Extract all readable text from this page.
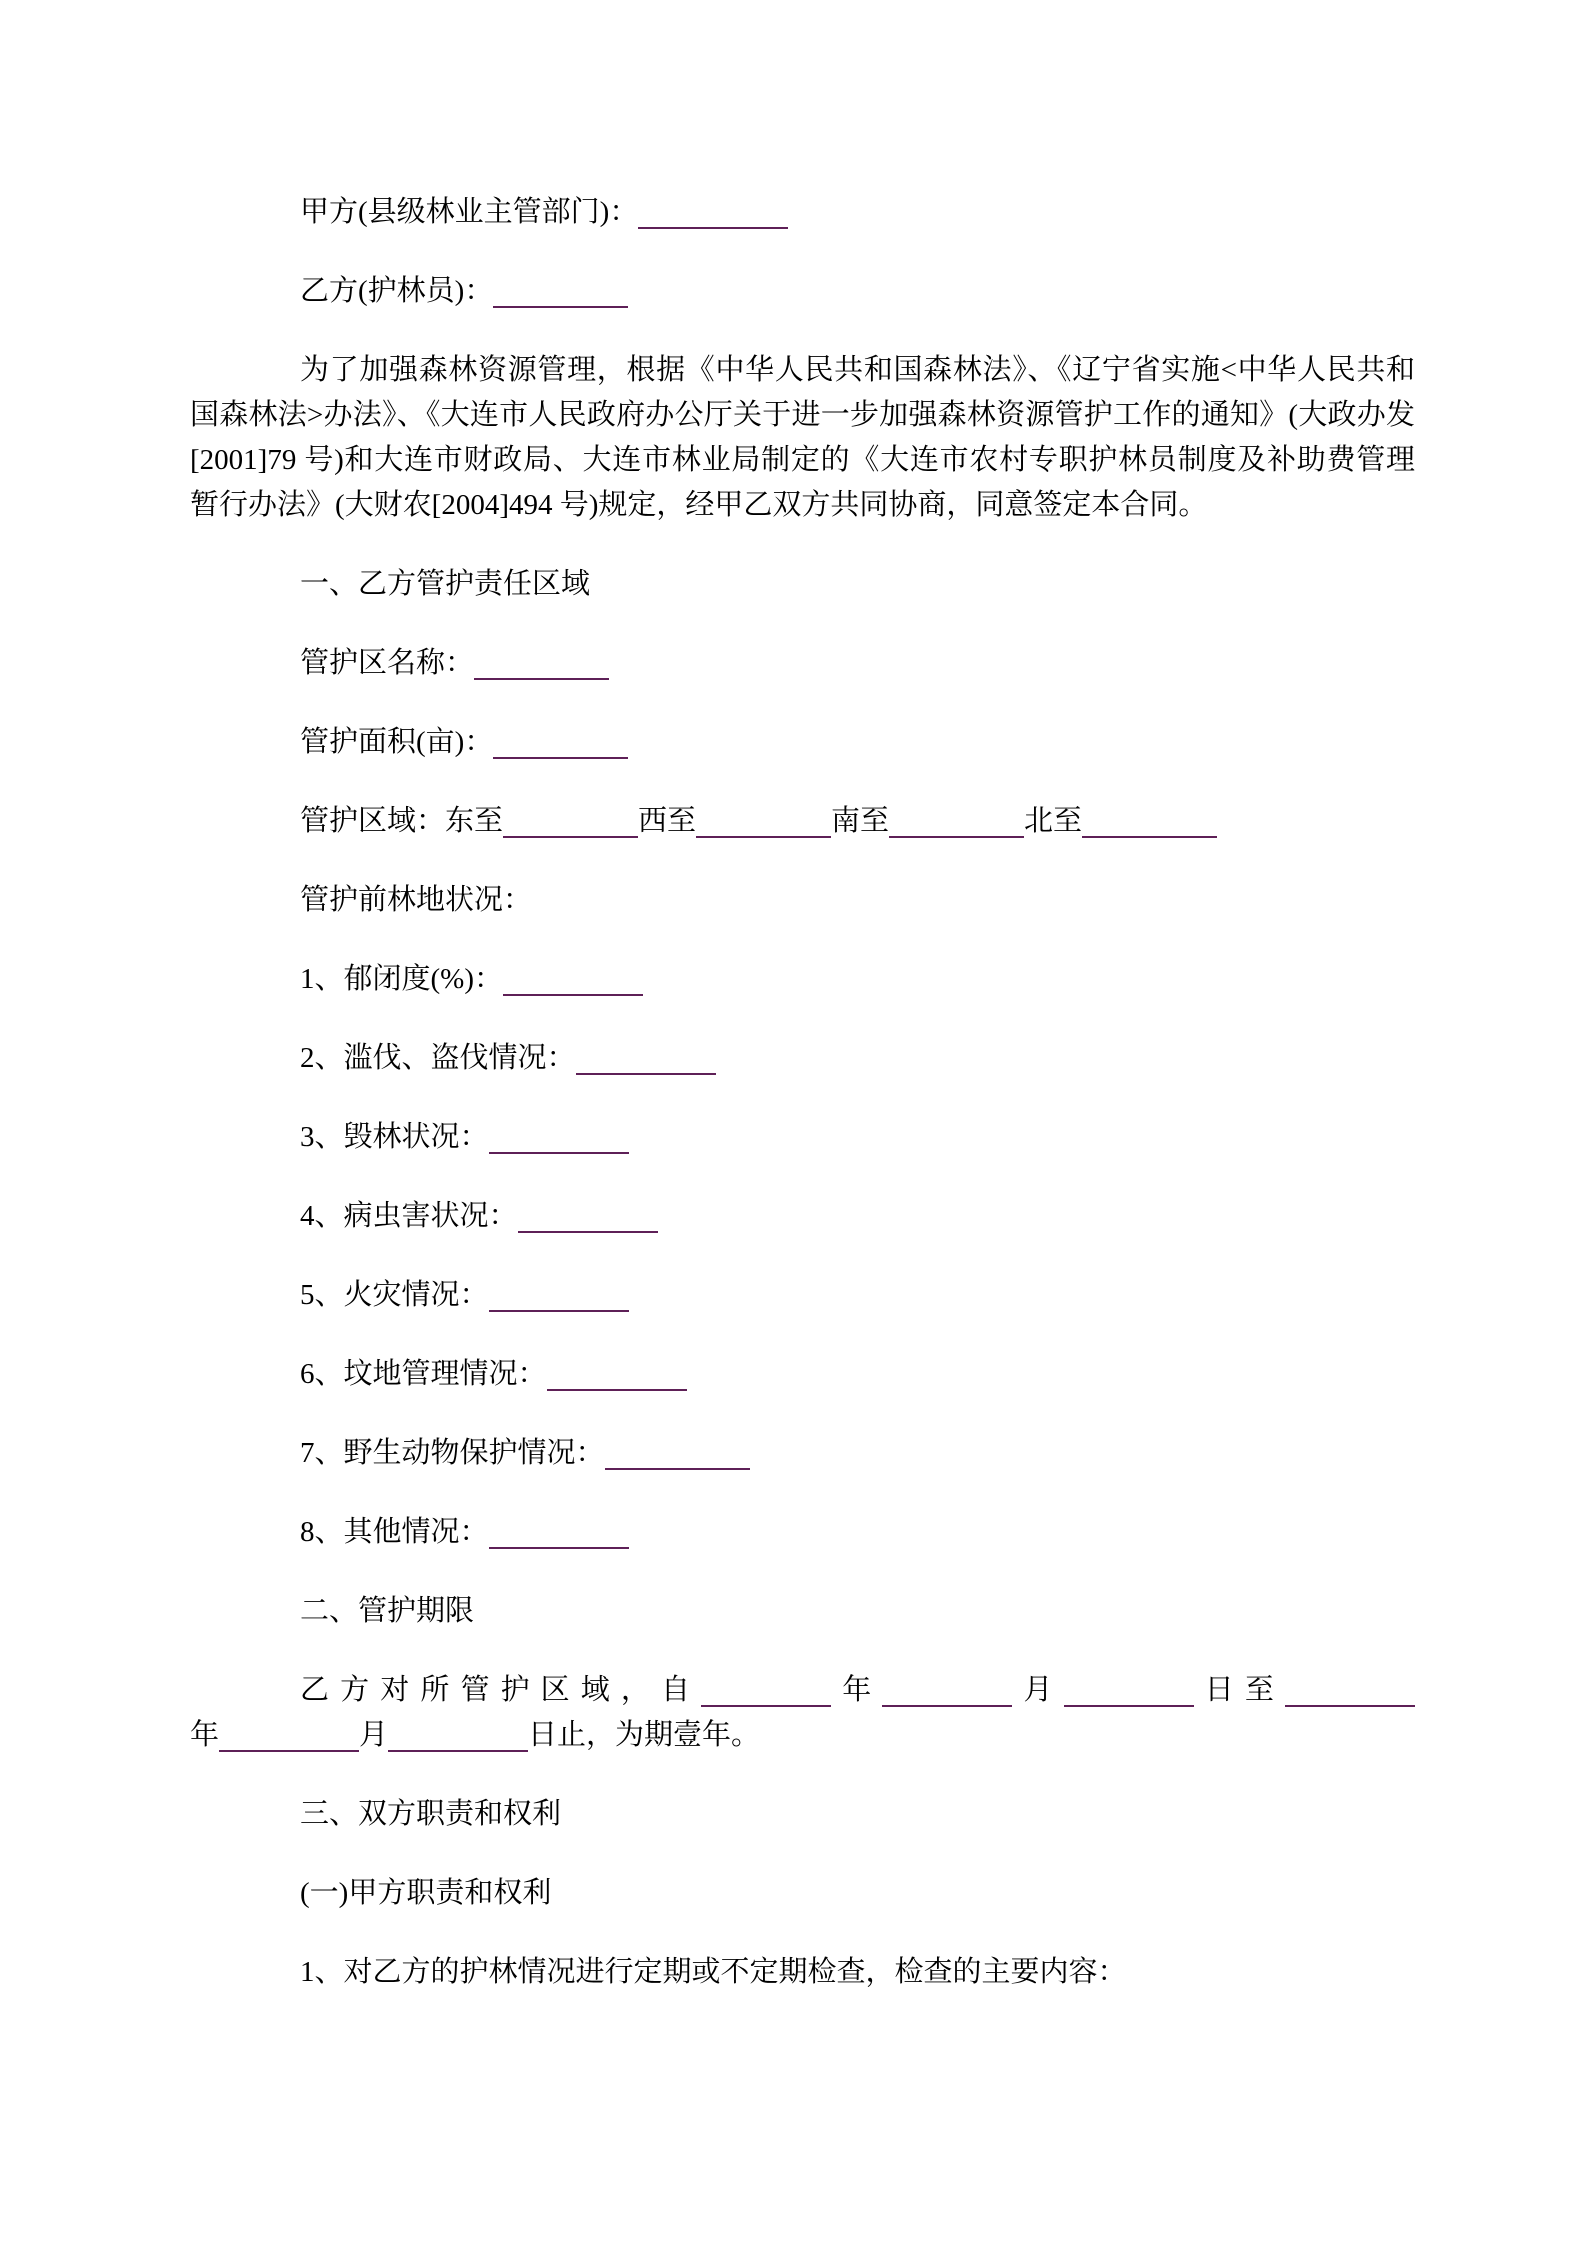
甲方(县级林业主管部门)：

乙方(护林员)：

为了加强森林资源管理，根据《中华人民共和国森林法》、《辽宁省实施<中华人民共和国森林法>办法》、《大连市人民政府办公厅关于进一步加强森林资源管护工作的通知》(大政办发[2001]79 号)和大连市财政局、大连市林业局制定的《大连市农村专职护林员制度及补助费管理暂行办法》(大财农[2004]494 号)规定，经甲乙双方共同协商，同意签定本合同。

一、乙方管护责任区域

管护区名称：

管护面积(亩)：

管护区域：东至	西至	南至	北至

管护前林地状况：

1、郁闭度(%)：

2、滥伐、盗伐情况：

3、毁林状况：

4、病虫害状况：

5、火灾情况：

6、坟地管理情况：

7、野生动物保护情况：

8、其他情况：

二、管护期限

乙方对所管护区域，自	年	月	日至

年	月	日止，为期壹年。

三、双方职责和权利

(一)甲方职责和权利

1、对乙方的护林情况进行定期或不定期检查，检查的主要内容：
